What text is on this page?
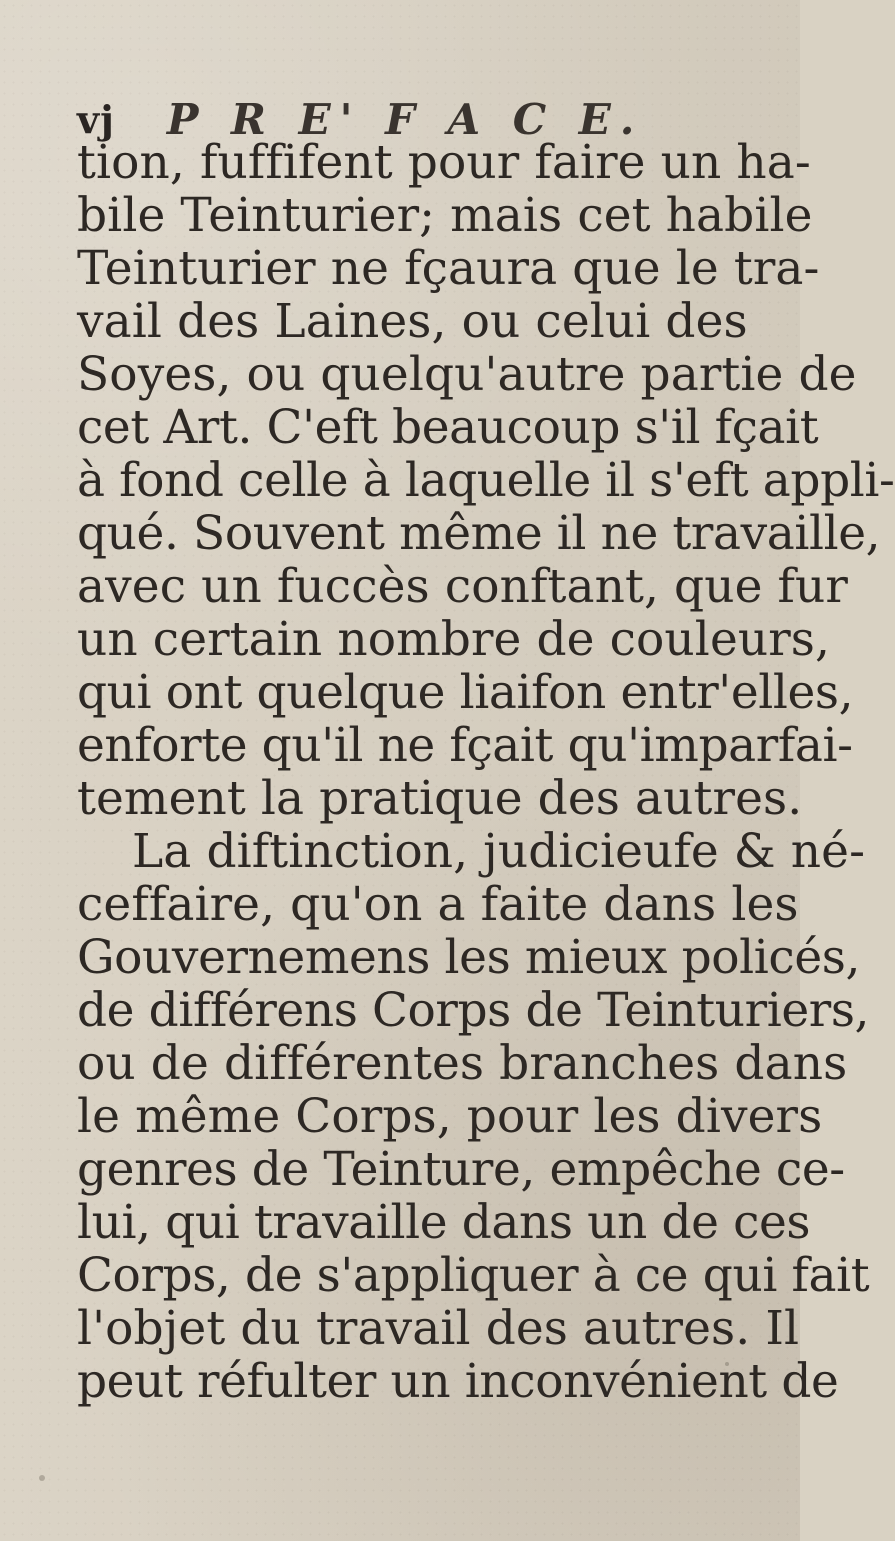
vj P R E' F A C E.
tion, fuffifent pour faire un ha-
bile Teinturier; mais cet habile
Teinturier ne fçaura que le tra-
vail des Laines, ou celui des
Soyes, ou quelqu'autre partie de
cet Art. C'eft beaucoup s'il fçait
à fond celle à laquelle il s'eft appli-
qué. Souvent même il ne travaille,
avec un fuccès conftant, que fur
un certain nombre de couleurs,
qui ont quelque liaifon entr'elles,
enforte qu'il ne fçait qu'imparfai-
tement la pratique des autres.
La diftinction, judicieufe & né-
ceffaire, qu'on a faite dans les
Gouvernemens les mieux policés,
de différens Corps de Teinturiers,
ou de différentes branches dans
le même Corps, pour les divers
genres de Teinture, empêche ce-
lui, qui travaille dans un de ces
Corps, de s'appliquer à ce qui fait
l'objet du travail des autres. Il
peut réfulter un inconvénient de
